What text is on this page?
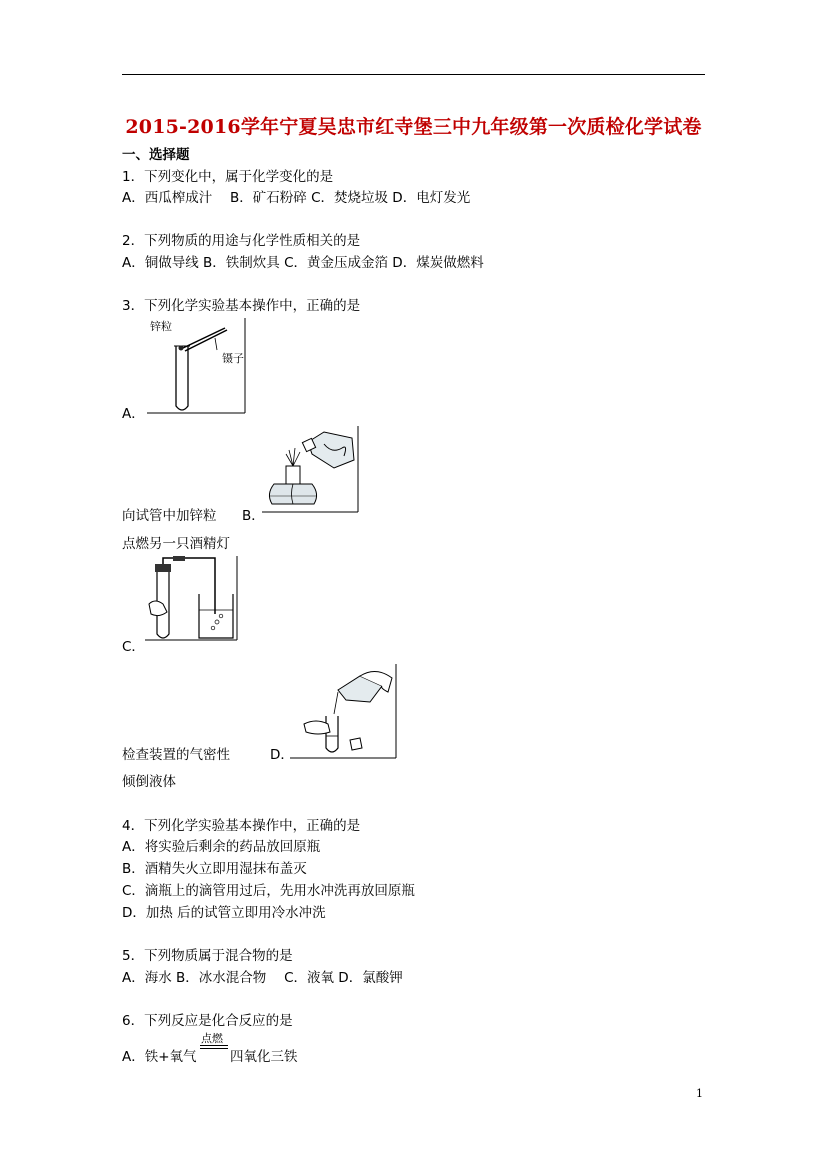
2015-2016学年宁夏吴忠市红寺堡三中九年级第一次质检化学试卷
一、选择题
1．下列变化中，属于化学变化的是
A．西瓜榨成汁　 B．矿石粉碎 C．焚烧垃圾 D．电灯发光
2．下列物质的用途与化学性质相关的是
A．铜做导线 B．铁制炊具 C．黄金压成金箔 D．煤炭做燃料
3．下列化学实验基本操作中，正确的是
锌粒
镊子
A．
向试管中加锌粒 B．
点燃另一只酒精灯
C．
检查装置的气密性	D．
倾倒液体
4．下列化学实验基本操作中，正确的是
A．将实验后剩余的药品放回原瓶
B．酒精失火立即用湿抹布盖灭
C．滴瓶上的滴管用过后，先用水冲洗再放回原瓶
D．加热 后的试管立即用冷水冲洗
5．下列物质属于混合物的是
A．海水 B．冰水混合物　 C．液氧 D．氯酸钾
6．下列反应是化合反应的是
A．铁+氧气
点燃
四氧化三铁
1
